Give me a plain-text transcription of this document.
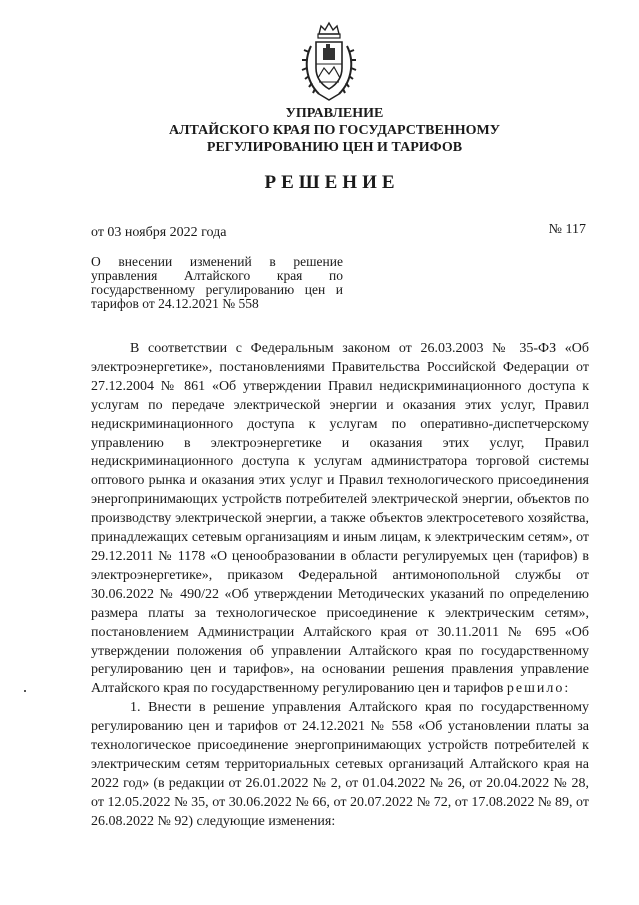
УПРАВЛЕНИЕ
АЛТАЙСКОГО КРАЯ ПО ГОСУДАРСТВЕННОМУ
РЕГУЛИРОВАНИЮ ЦЕН И ТАРИФОВ
РЕШЕНИЕ
от 03 ноября 2022 года	№ 117
О внесении изменений в решение управления Алтайского края по государственному регулированию цен и тарифов от 24.12.2021 № 558

В соответствии с Федеральным законом от 26.03.2003 № 35-ФЗ «Об электроэнергетике», постановлениями Правительства Российской Федерации от 27.12.2004 № 861 «Об утверждении Правил недискриминационного доступа к услугам по передаче электрической энергии и оказания этих услуг, Правил недискриминационного доступа к услугам по оперативно-диспетчерскому управлению в электроэнергетике и оказания этих услуг, Правил недискриминационного доступа к услугам администратора торговой системы оптового рынка и оказания этих услуг и Правил технологического присоединения энергопринимающих устройств потребителей электрической энергии, объектов по производству электрической энергии, а также объектов электросетевого хозяйства, принадлежащих сетевым организациям и иным лицам, к электрическим сетям», от 29.12.2011 № 1178 «О ценообразовании в области регулируемых цен (тарифов) в электроэнергетике», приказом Федеральной антимонопольной службы от 30.06.2022 № 490/22 «Об утверждении Методических указаний по определению размера платы за технологическое присоединение к электрическим сетям», постановлением Администрации Алтайского края от 30.11.2011 № 695 «Об утверждении положения об управлении Алтайского края по государственному регулированию цен и тарифов», на основании решения правления управление Алтайского края по государственному регулированию цен и тарифов решило:

1. Внести в решение управления Алтайского края по государственному регулированию цен и тарифов от 24.12.2021 № 558 «Об установлении платы за технологическое присоединение энергопринимающих устройств потребителей к электрическим сетям территориальных сетевых организаций Алтайского края на 2022 год» (в редакции от 26.01.2022 № 2, от 01.04.2022 № 26, от 20.04.2022 № 28, от 12.05.2022 № 35, от 30.06.2022 № 66, от 20.07.2022 № 72, от 17.08.2022 № 89, от 26.08.2022 № 92) следующие изменения:
